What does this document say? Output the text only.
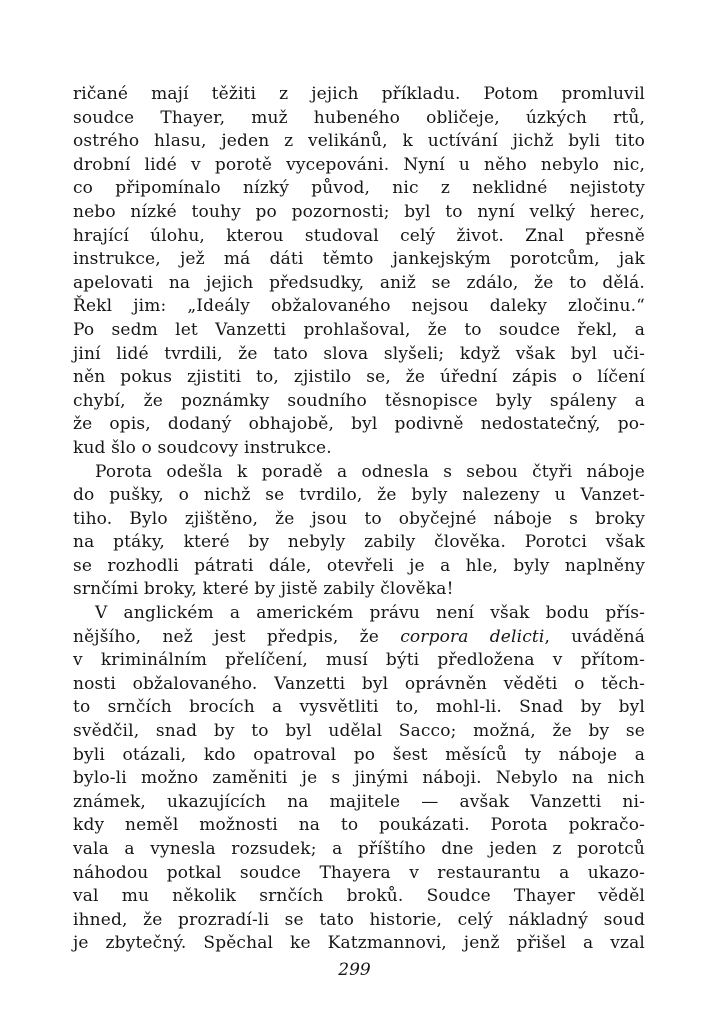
ričané mají těžiti z jejich příkladu. Potom promluvil
soudce Thayer, muž hubeného obličeje, úzkých rtů,
ostrého hlasu, jeden z velikánů, k uctívání jichž byli tito
drobní lidé v porotě vycepováni. Nyní u něho nebylo nic,
co připomínalo nízký původ, nic z neklidné nejistoty
nebo nízké touhy po pozornosti; byl to nyní velký herec,
hrající úlohu, kterou studoval celý život. Znal přesně
instrukce, jež má dáti těmto jankejským porotcům, jak
apelovati na jejich předsudky, aniž se zdálo, že to dělá.
Řekl jim: „Ideály obžalovaného nejsou daleky zločinu.“
Po sedm let Vanzetti prohlašoval, že to soudce řekl, a
jiní lidé tvrdili, že tato slova slyšeli; když však byl uči-
něn pokus zjistiti to, zjistilo se, že úřední zápis o líčení
chybí, že poznámky soudního těsnopisce byly spáleny a
že opis, dodaný obhajobě, byl podivně nedostatečný, po-
kud šlo o soudcovy instrukce.
Porota odešla k poradě a odnesla s sebou čtyři náboje
do pušky, o nichž se tvrdilo, že byly nalezeny u Vanzet-
tiho. Bylo zjištěno, že jsou to obyčejné náboje s broky
na ptáky, které by nebyly zabily člověka. Porotci však
se rozhodli pátrati dále, otevřeli je a hle, byly naplněny
srnčími broky, které by jistě zabily člověka!
V anglickém a americkém právu není však bodu přís-
nějšího, než jest předpis, že corpora delicti, uváděná
v kriminálním přelíčení, musí býti předložena v přítom-
nosti obžalovaného. Vanzetti byl oprávněn věděti o těch-
to srnčích brocích a vysvětliti to, mohl-li. Snad by byl
svědčil, snad by to byl udělal Sacco; možná, že by se
byli otázali, kdo opatroval po šest měsíců ty náboje a
bylo-li možno zaměniti je s jinými náboji. Nebylo na nich
známek, ukazujících na majitele — avšak Vanzetti ni-
kdy neměl možnosti na to poukázati. Porota pokračo-
vala a vynesla rozsudek; a příštího dne jeden z porotců
náhodou potkal soudce Thayera v restaurantu a ukazo-
val mu několik srnčích broků. Soudce Thayer věděl
ihned, že prozradí-li se tato historie, celý nákladný soud
je zbytečný. Spěchal ke Katzmannovi, jenž přišel a vzal
299
